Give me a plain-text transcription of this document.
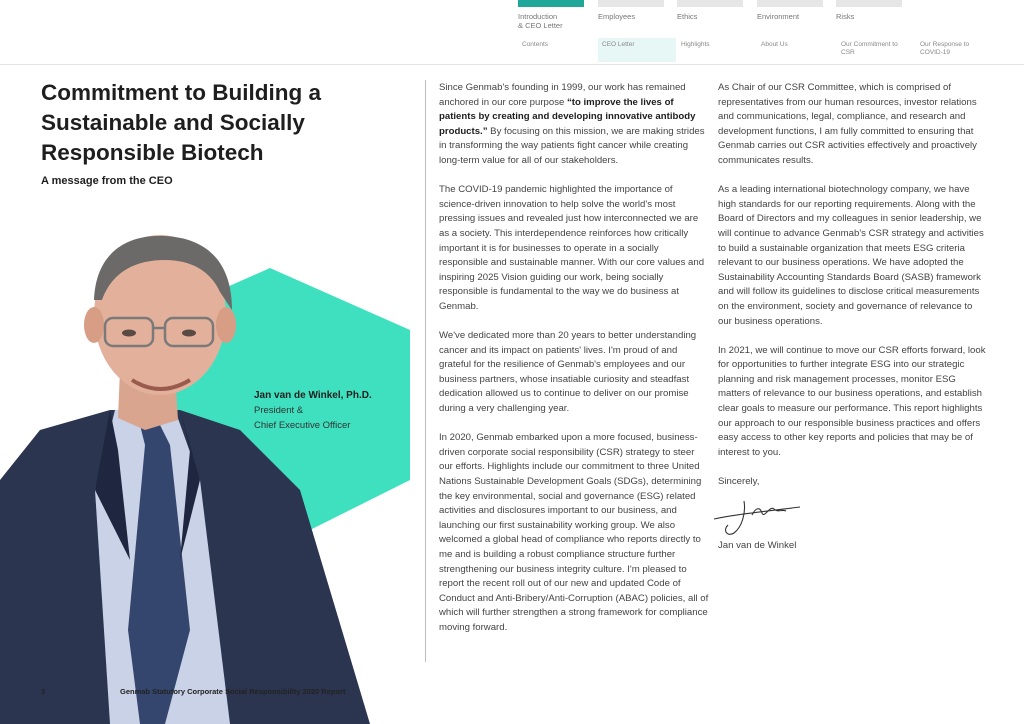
Introduction
& CEO Letter
Employees	Ethics	Environment	Risks
Contents	CEO Letter	Highlights	About Us	Our Commitment to CSR
Our Response to COVID-19
Commitment to Building a Sustainable and Socially Responsible Biotech
A message from the CEO
Jan van de Winkel, Ph.D.
President &
Chief Executive Officer

Since Genmab's founding in 1999, our work has remained anchored in our core purpose “to improve the lives of patients by creating and developing innovative antibody products.” By focusing on this mission, we are making strides in transforming the way patients fight cancer while creating long-term value for all of our stakeholders.

The COVID-19 pandemic highlighted the importance of science-driven innovation to help solve the world's most pressing issues and revealed just how interconnected we are as a society. This interdependence reinforces how critically important it is for businesses to operate in a socially responsible and sustainable manner. With our core values and inspiring 2025 Vision guiding our work, being socially responsible is fundamental to the way we do business at Genmab.

We've dedicated more than 20 years to better understanding cancer and its impact on patients' lives. I'm proud of and grateful for the resilience of Genmab's employees and our business partners, whose insatiable curiosity and steadfast dedication allowed us to continue to deliver on our promise during a very challenging year.

In 2020, Genmab embarked upon a more focused, business-driven corporate social responsibility (CSR) strategy to steer our efforts. Highlights include our commitment to three United Nations Sustainable Development Goals (SDGs), determining the key environmental, social and governance (ESG) related activities and disclosures important to our business, and launching our first sustainability working group. We also welcomed a global head of compliance who reports directly to me and is building a robust compliance structure further strengthening our business integrity culture. I'm pleased to report the recent roll out of our new and updated Code of Conduct and Anti-Bribery/Anti-Corruption (ABAC) policies, all of which will further strengthen a strong framework for compliance moving forward.

As Chair of our CSR Committee, which is comprised of representatives from our human resources, investor relations and communications, legal, compliance, and research and development functions, I am fully committed to ensuring that Genmab carries out CSR activities effectively and proactively communicates results.

As a leading international biotechnology company, we have high standards for our reporting requirements. Along with the Board of Directors and my colleagues in senior leadership, we will continue to advance Genmab's CSR strategy and activities to build a sustainable organization that meets ESG criteria relevant to our business operations. We have adopted the Sustainability Accounting Standards Board (SASB) framework and will follow its guidelines to disclose critical measurements on the environment, society and governance of relevance to our business operations.

In 2021, we will continue to move our CSR efforts forward, look for opportunities to further integrate ESG into our strategic planning and risk management processes, monitor ESG matters of relevance to our business operations, and establish clear goals to measure our performance. This report highlights our approach to our responsible business practices and offers easy access to other key reports and policies that may be of interest to you.

Sincerely,

Jan van de Winkel
3	Genmab Statutory Corporate Social Responsibility 2020 Report
